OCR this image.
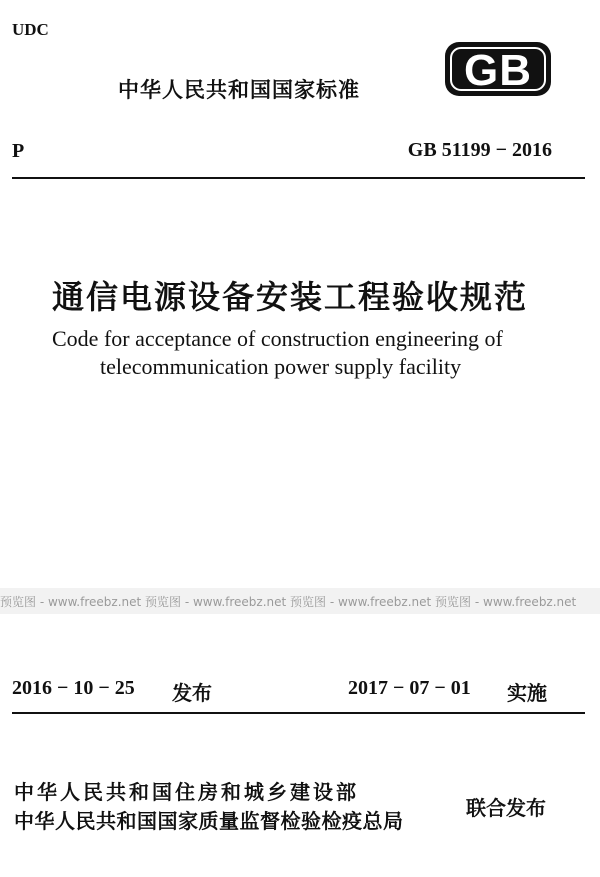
UDC
中华人民共和国国家标准 GB
P	GB 51199 − 2016
通信电源设备安装工程验收规范
Code for acceptance of construction engineering of
telecommunication power supply facility
预览图 - www.freebz.net 预览图 - www.freebz.net 预览图 - www.freebz.net 预览图 - www.freebz.net
2016 − 10 − 25 发布	2017 − 07 − 01 实施
中华人民共和国住房和城乡建设部
中华人民共和国国家质量监督检验检疫总局
联合发布
